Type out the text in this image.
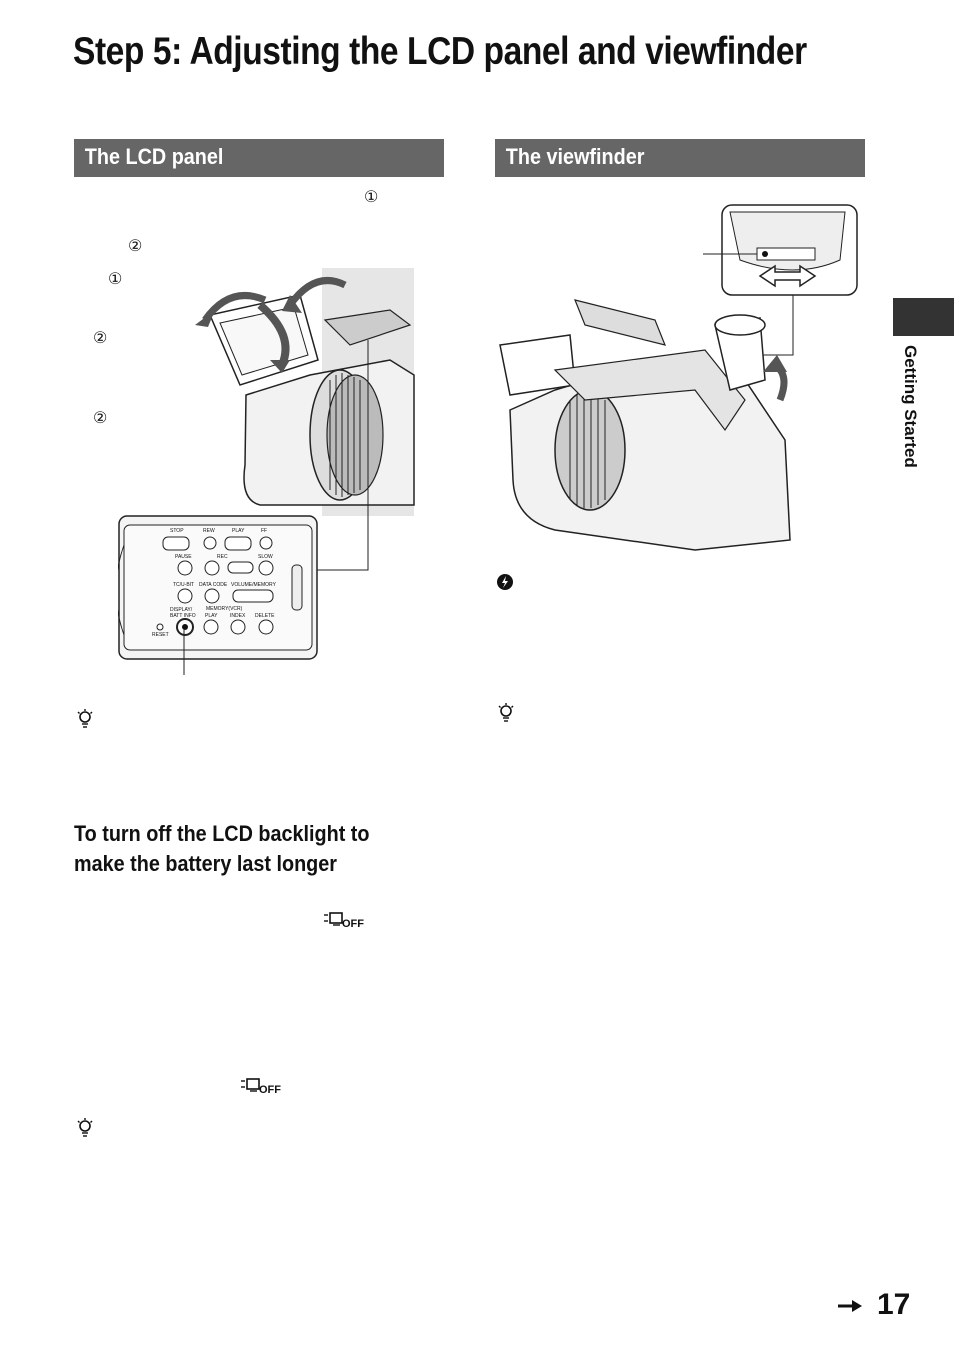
Step 5: Adjusting the LCD panel and viewfinder
The LCD panel	The viewfinder
Getting Started
①
②
①
②
②
STOP	REW	PLAY	FF
PAUSE	REC	SLOW
TC/U-BIT DATA CODE VOLUME/MEMORY
MEMORY(VCR)
DISPLAY/
BATT INFO PLAY	INDEX DELETE
RESET
To turn off the LCD backlight to make the battery last longer
OFF
OFF
17
